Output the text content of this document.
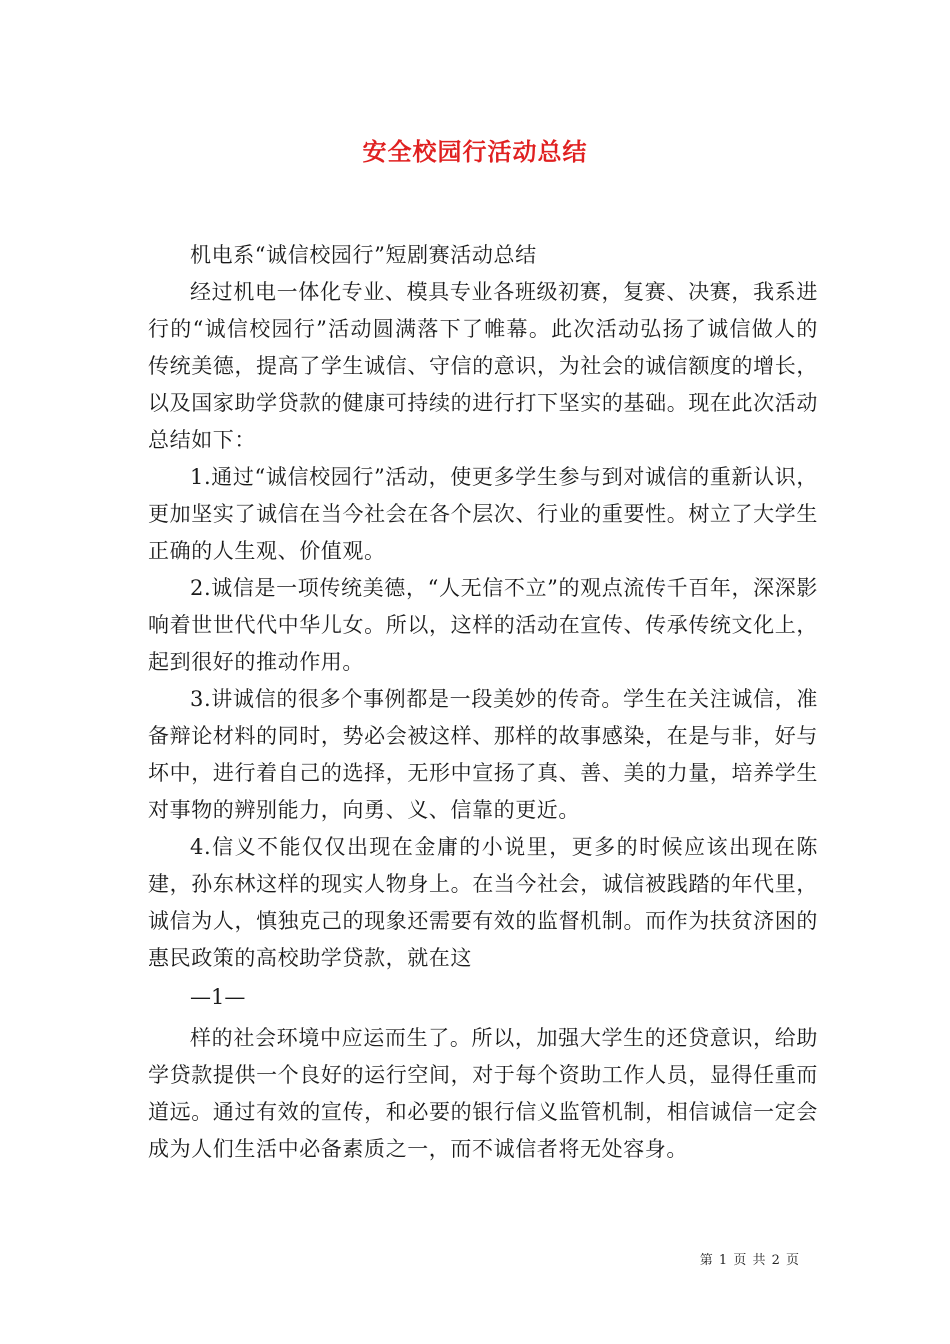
安全校园行活动总结

机电系“诚信校园行”短剧赛活动总结

经过机电一体化专业、模具专业各班级初赛，复赛、决赛，我系进行的“诚信校园行”活动圆满落下了帷幕。此次活动弘扬了诚信做人的传统美德，提高了学生诚信、守信的意识，为社会的诚信额度的增长，以及国家助学贷款的健康可持续的进行打下坚实的基础。现在此次活动总结如下：

1.通过“诚信校园行”活动，使更多学生参与到对诚信的重新认识，更加坚实了诚信在当今社会在各个层次、行业的重要性。树立了大学生正确的人生观、价值观。

2.诚信是一项传统美德，“人无信不立”的观点流传千百年，深深影响着世世代代中华儿女。所以，这样的活动在宣传、传承传统文化上，起到很好的推动作用。

3.讲诚信的很多个事例都是一段美妙的传奇。学生在关注诚信，准备辩论材料的同时，势必会被这样、那样的故事感染，在是与非，好与坏中，进行着自己的选择，无形中宣扬了真、善、美的力量，培养学生对事物的辨别能力，向勇、义、信靠的更近。

4.信义不能仅仅出现在金庸的小说里，更多的时候应该出现在陈建，孙东林这样的现实人物身上。在当今社会，诚信被践踏的年代里，诚信为人，慎独克己的现象还需要有效的监督机制。而作为扶贫济困的惠民政策的高校助学贷款，就在这

—1—

样的社会环境中应运而生了。所以，加强大学生的还贷意识，给助学贷款提供一个良好的运行空间，对于每个资助工作人员，显得任重而道远。通过有效的宣传，和必要的银行信义监管机制，相信诚信一定会成为人们生活中必备素质之一，而不诚信者将无处容身。

第 1 页 共 2 页
